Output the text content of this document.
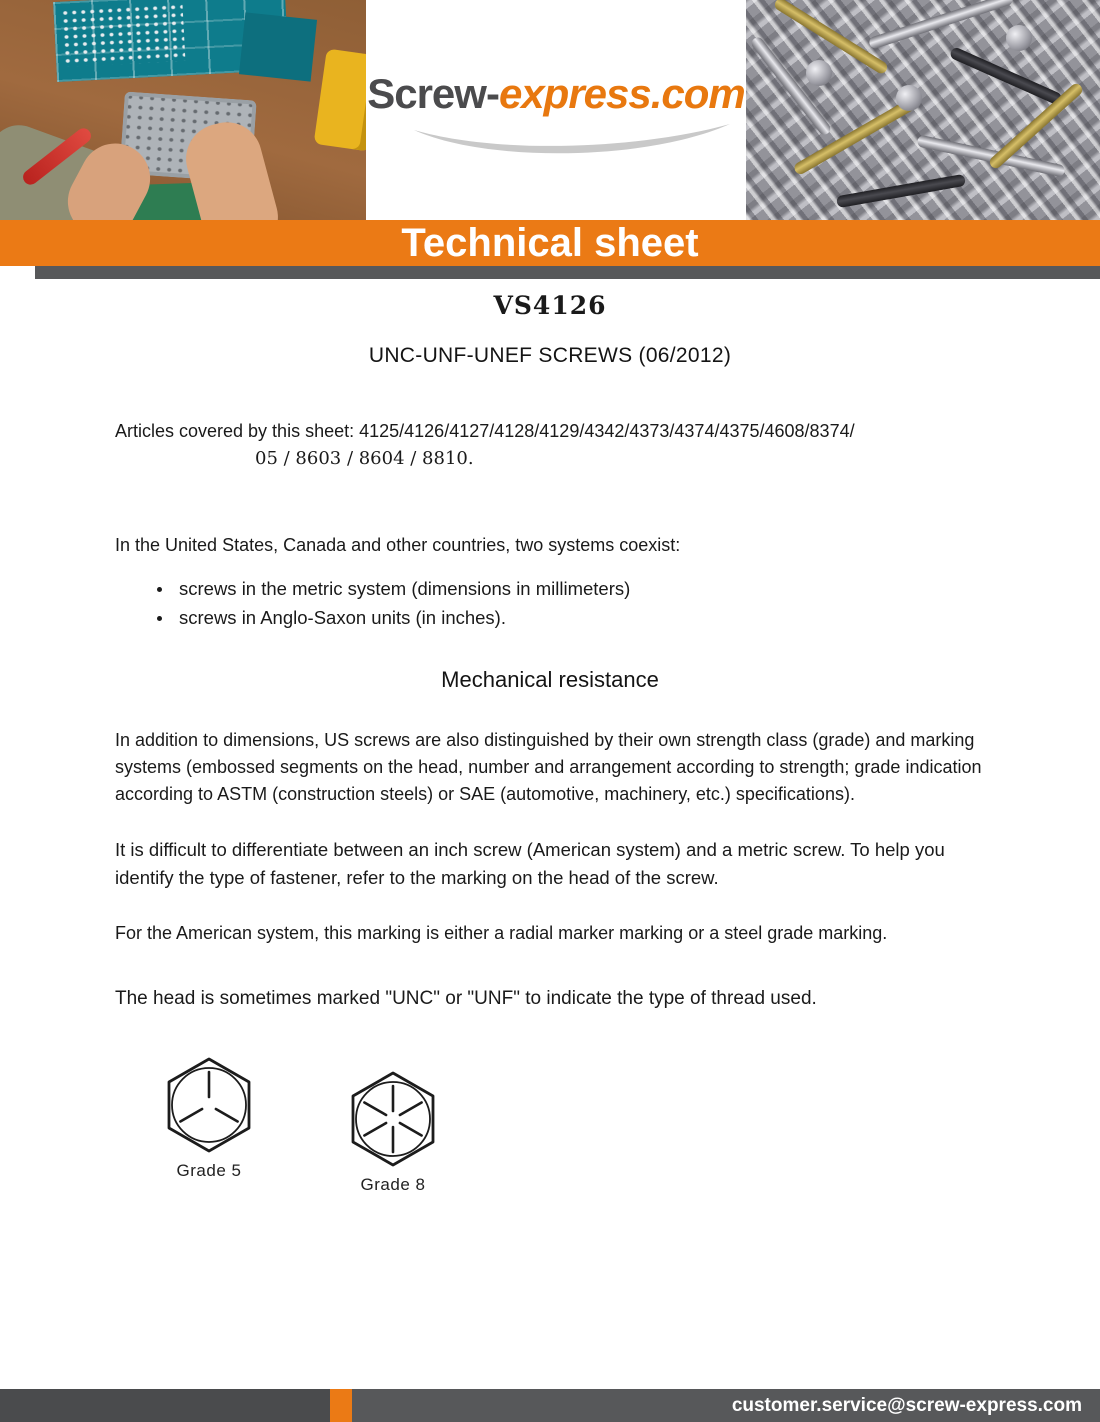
Screw-express.com
Technical sheet
VS4126
UNC-UNF-UNEF SCREWS (06/2012)

Articles covered by this sheet: 4125/4126/4127/4128/4129/4342/4373/4374/4375/4608/8374/

05 / 8603 / 8604 / 8810.

In the United States, Canada and other countries, two systems coexist:

screws in the metric system (dimensions in millimeters)
screws in Anglo-Saxon units (in inches).
Mechanical resistance

In addition to dimensions, US screws are also distinguished by their own strength class (grade) and marking systems (embossed segments on the head, number and arrangement according to strength; grade indication according to ASTM (construction steels) or SAE (automotive, machinery, etc.) specifications).

It is difficult to differentiate between an inch screw (American system) and a metric screw. To help you identify the type of fastener, refer to the marking on the head of the screw.

For the American system, this marking is either a radial marker marking or a steel grade marking.

The head is sometimes marked "UNC" or "UNF" to indicate the type of thread used.

Grade 5
Grade 8
customer.service@screw-express.com
